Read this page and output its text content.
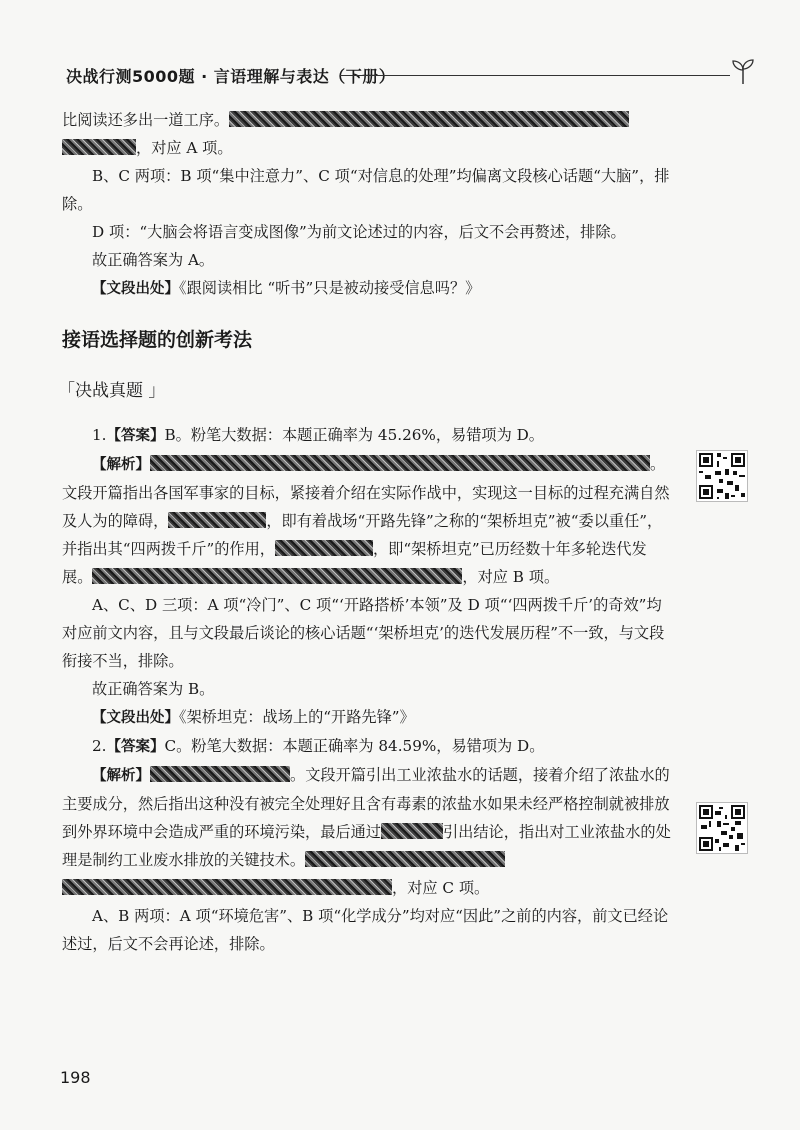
决战行测5000题 · 言语理解与表达（下册）

比阅读还多出一道工序。

，对应 A 项。

B、C 两项：B 项“集中注意力”、C 项“对信息的处理”均偏离文段核心话题“大脑”，排除。

D 项：“大脑会将语言变成图像”为前文论述过的内容，后文不会再赘述，排除。

故正确答案为 A。

【文段出处】《跟阅读相比 “听书”只是被动接受信息吗？》

接语选择题的创新考法
「决战真题 」

1.【答案】B。粉笔大数据：本题正确率为 45.26%，易错项为 D。

【解析】	。

文段开篇指出各国军事家的目标，紧接着介绍在实际作战中，实现这一目标的过程充满自然及人为的障碍，	，即有着战场“开路先锋”之称的“架桥坦克”被“委以重任”，并指出其“四两拨千斤”的作用，	，即“架桥坦克”已历经数十年多轮迭代发展。	，对应 B 项。

A、C、D 三项：A 项“冷门”、C 项“‘开路搭桥’本领”及 D 项“‘四两拨千斤’的奇效”均对应前文内容，且与文段最后谈论的核心话题“‘架桥坦克’的迭代发展历程”不一致，与文段衔接不当，排除。

故正确答案为 B。

【文段出处】《架桥坦克：战场上的“开路先锋”》

2.【答案】C。粉笔大数据：本题正确率为 84.59%，易错项为 D。

【解析】	。文段开篇引出工业浓盐水的话题，接着介绍了浓盐水的主要成分，然后指出这种没有被完全处理好且含有毒素的浓盐水如果未经严格控制就被排放到外界环境中会造成严重的环境污染，最后通过	引出结论，指出对工业浓盐水的处理是制约工业废水排放的关键技术。，对应 C 项。

A、B 两项：A 项“环境危害”、B 项“化学成分”均对应“因此”之前的内容，前文已经论述过，后文不会再论述，排除。

198
